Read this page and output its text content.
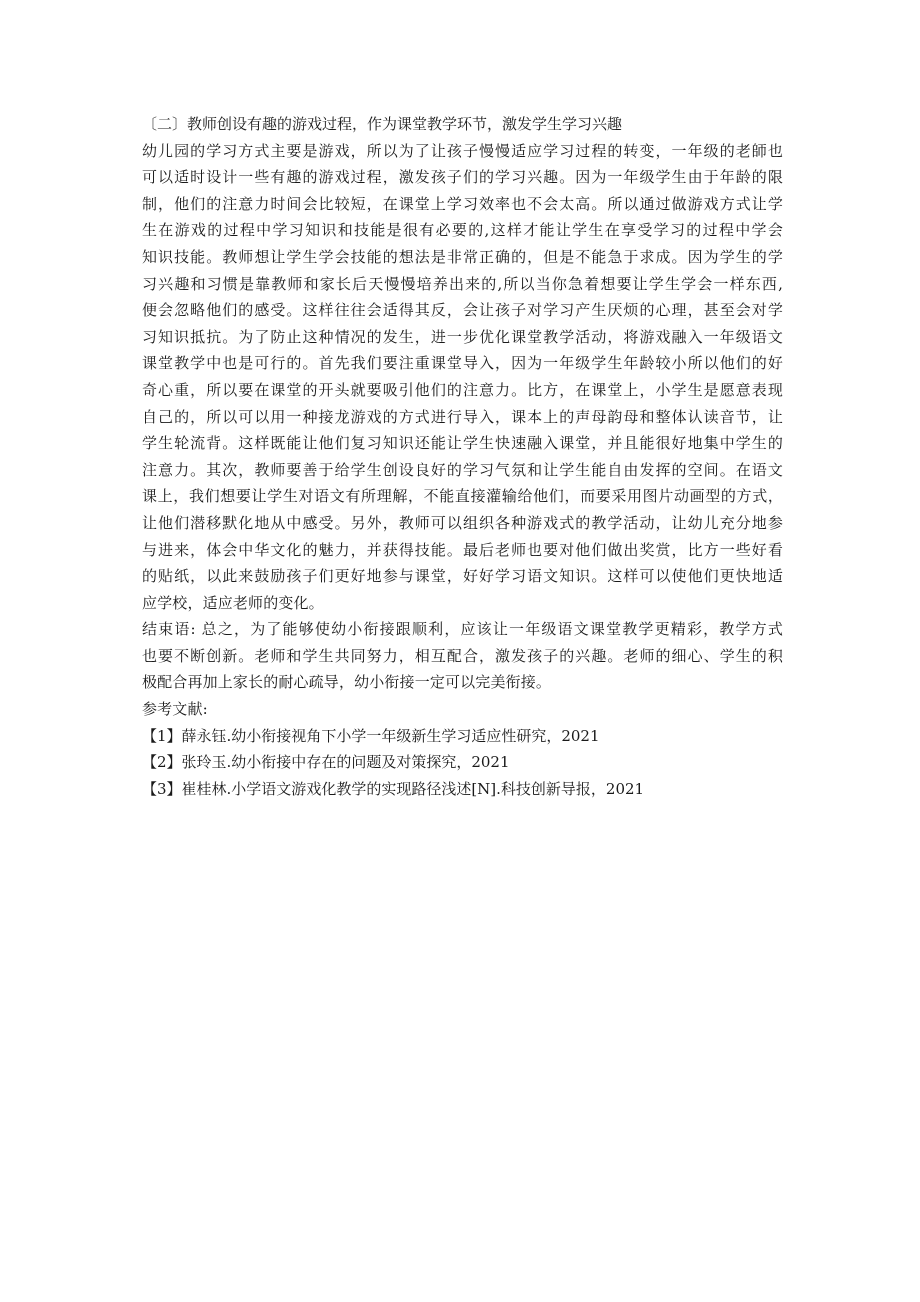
〔二〕教师创设有趣的游戏过程，作为课堂教学环节，激发学生学习兴趣
幼儿园的学习方式主要是游戏，所以为了让孩子慢慢适应学习过程的转变，一年级的老師也
可以适时设计一些有趣的游戏过程，激发孩子们的学习兴趣。因为一年级学生由于年龄的限
制，他们的注意力时间会比较短，在课堂上学习效率也不会太高。所以通过做游戏方式让学
生在游戏的过程中学习知识和技能是很有必要的,这样才能让学生在享受学习的过程中学会
知识技能。教师想让学生学会技能的想法是非常正确的，但是不能急于求成。因为学生的学
习兴趣和习惯是靠教师和家长后天慢慢培养出来的,所以当你急着想要让学生学会一样东西,
便会忽略他们的感受。这样往往会适得其反，会让孩子对学习产生厌烦的心理，甚至会对学
习知识抵抗。为了防止这种情况的发生，进一步优化课堂教学活动，将游戏融入一年级语文
课堂教学中也是可行的。首先我们要注重课堂导入，因为一年级学生年龄较小所以他们的好
奇心重，所以要在课堂的开头就要吸引他们的注意力。比方，在课堂上，小学生是愿意表现
自己的，所以可以用一种接龙游戏的方式进行导入，课本上的声母韵母和整体认读音节，让
学生轮流背。这样既能让他们复习知识还能让学生快速融入课堂，并且能很好地集中学生的
注意力。其次，教师要善于给学生创设良好的学习气氛和让学生能自由发挥的空间。在语文
课上，我们想要让学生对语文有所理解，不能直接灌输给他们，而要采用图片动画型的方式，
让他们潜移默化地从中感受。另外，教师可以组织各种游戏式的教学活动，让幼儿充分地参
与进来，体会中华文化的魅力，并获得技能。最后老师也要对他们做出奖赏，比方一些好看
的贴纸，以此来鼓励孩子们更好地参与课堂，好好学习语文知识。这样可以使他们更快地适
应学校，适应老师的变化。
结束语: 总之，为了能够使幼小衔接跟顺利，应该让一年级语文课堂教学更精彩，教学方式
也要不断创新。老师和学生共同努力，相互配合，激发孩子的兴趣。老师的细心、学生的积
极配合再加上家长的耐心疏导，幼小衔接一定可以完美衔接。
参考文献:
【1】薛永钰.幼小衔接视角下小学一年级新生学习适应性研究，2021
【2】张玲玉.幼小衔接中存在的问题及对策探究，2021
【3】崔桂林.小学语文游戏化教学的实现路径浅述[N].科技创新导报，2021
